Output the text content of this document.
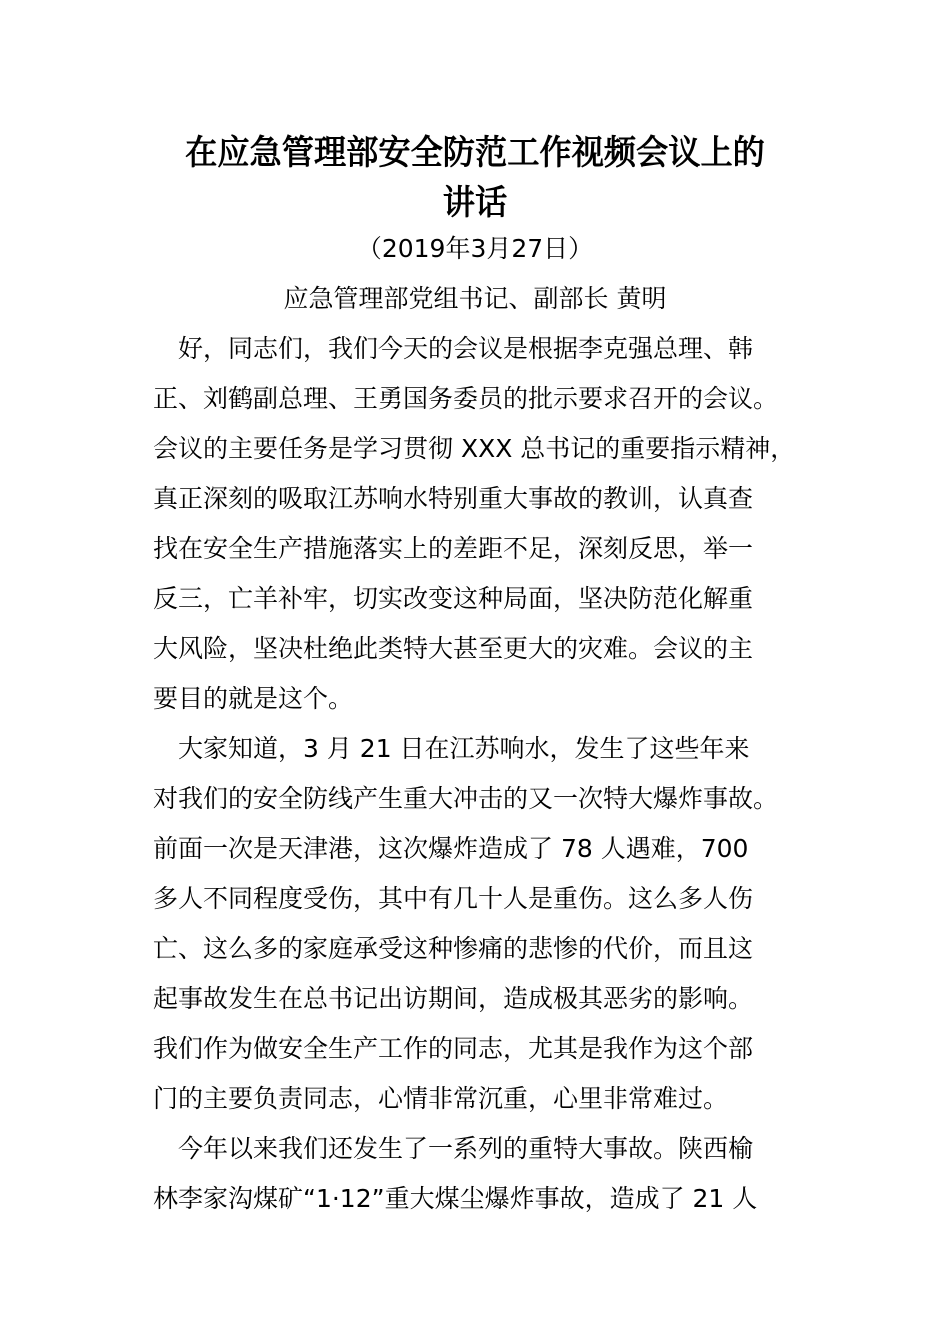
在应急管理部安全防范工作视频会议上的
讲话
（2019年3月27日）
应急管理部党组书记、副部长 黄明
　好，同志们，我们今天的会议是根据李克强总理、韩
正、刘鹤副总理、王勇国务委员的批示要求召开的会议。
会议的主要任务是学习贯彻 XXX 总书记的重要指示精神，
真正深刻的吸取江苏响水特别重大事故的教训，认真查
找在安全生产措施落实上的差距不足，深刻反思，举一
反三，亡羊补牢，切实改变这种局面，坚决防范化解重
大风险，坚决杜绝此类特大甚至更大的灾难。会议的主
要目的就是这个。
　大家知道，3 月 21 日在江苏响水，发生了这些年来
对我们的安全防线产生重大冲击的又一次特大爆炸事故。
前面一次是天津港，这次爆炸造成了 78 人遇难，700
多人不同程度受伤，其中有几十人是重伤。这么多人伤
亡、这么多的家庭承受这种惨痛的悲惨的代价，而且这
起事故发生在总书记出访期间，造成极其恶劣的影响。
我们作为做安全生产工作的同志，尤其是我作为这个部
门的主要负责同志，心情非常沉重，心里非常难过。
　今年以来我们还发生了一系列的重特大事故。陕西榆
林李家沟煤矿“1·12”重大煤尘爆炸事故，造成了 21 人
